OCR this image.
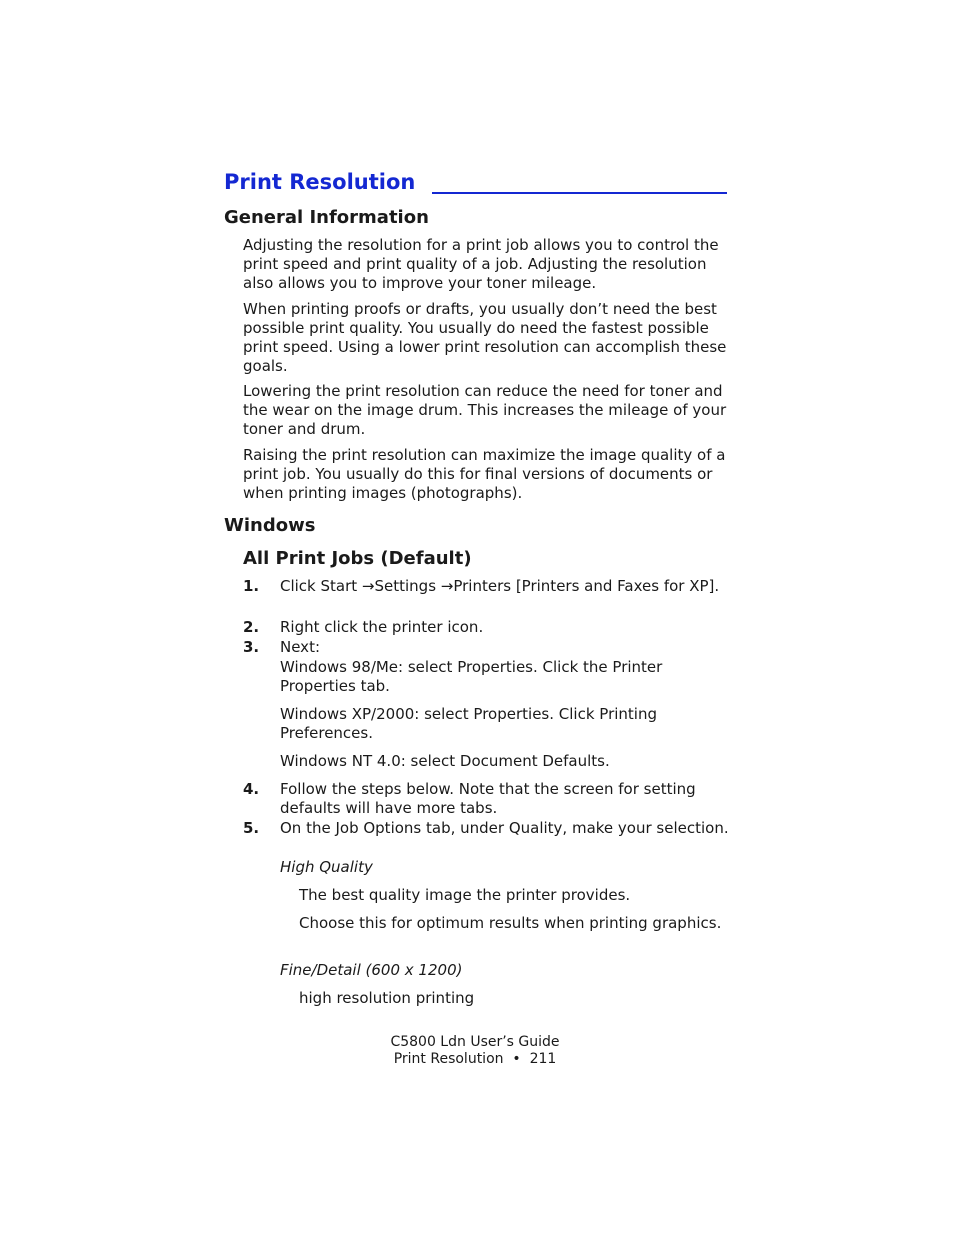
Print Resolution
General Information
Adjusting the resolution for a print job allows you to control the print speed and print quality of a job. Adjusting the resolution also allows you to improve your toner mileage.
When printing proofs or drafts, you usually don’t need the best possible print quality. You usually do need the fastest possible print speed. Using a lower print resolution can accomplish these goals.
Lowering the print resolution can reduce the need for toner and the wear on the image drum. This increases the mileage of your toner and drum.
Raising the print resolution can maximize the image quality of a print job. You usually do this for final versions of documents or when printing images (photographs).
Windows
All Print Jobs (Default)
1. Click Start →Settings →Printers [Printers and Faxes for XP].
2. Right click the printer icon.
3. Next:
Windows 98/Me: select Properties. Click the Printer Properties tab.
Windows XP/2000: select Properties. Click Printing Preferences.
Windows NT 4.0: select Document Defaults.
4. Follow the steps below. Note that the screen for setting defaults will have more tabs.
5. On the Job Options tab, under Quality, make your selection.
High Quality
The best quality image the printer provides.
Choose this for optimum results when printing graphics.
Fine/Detail (600 x 1200)
high resolution printing
C5800 Ldn User’s Guide
Print Resolution  •  211
